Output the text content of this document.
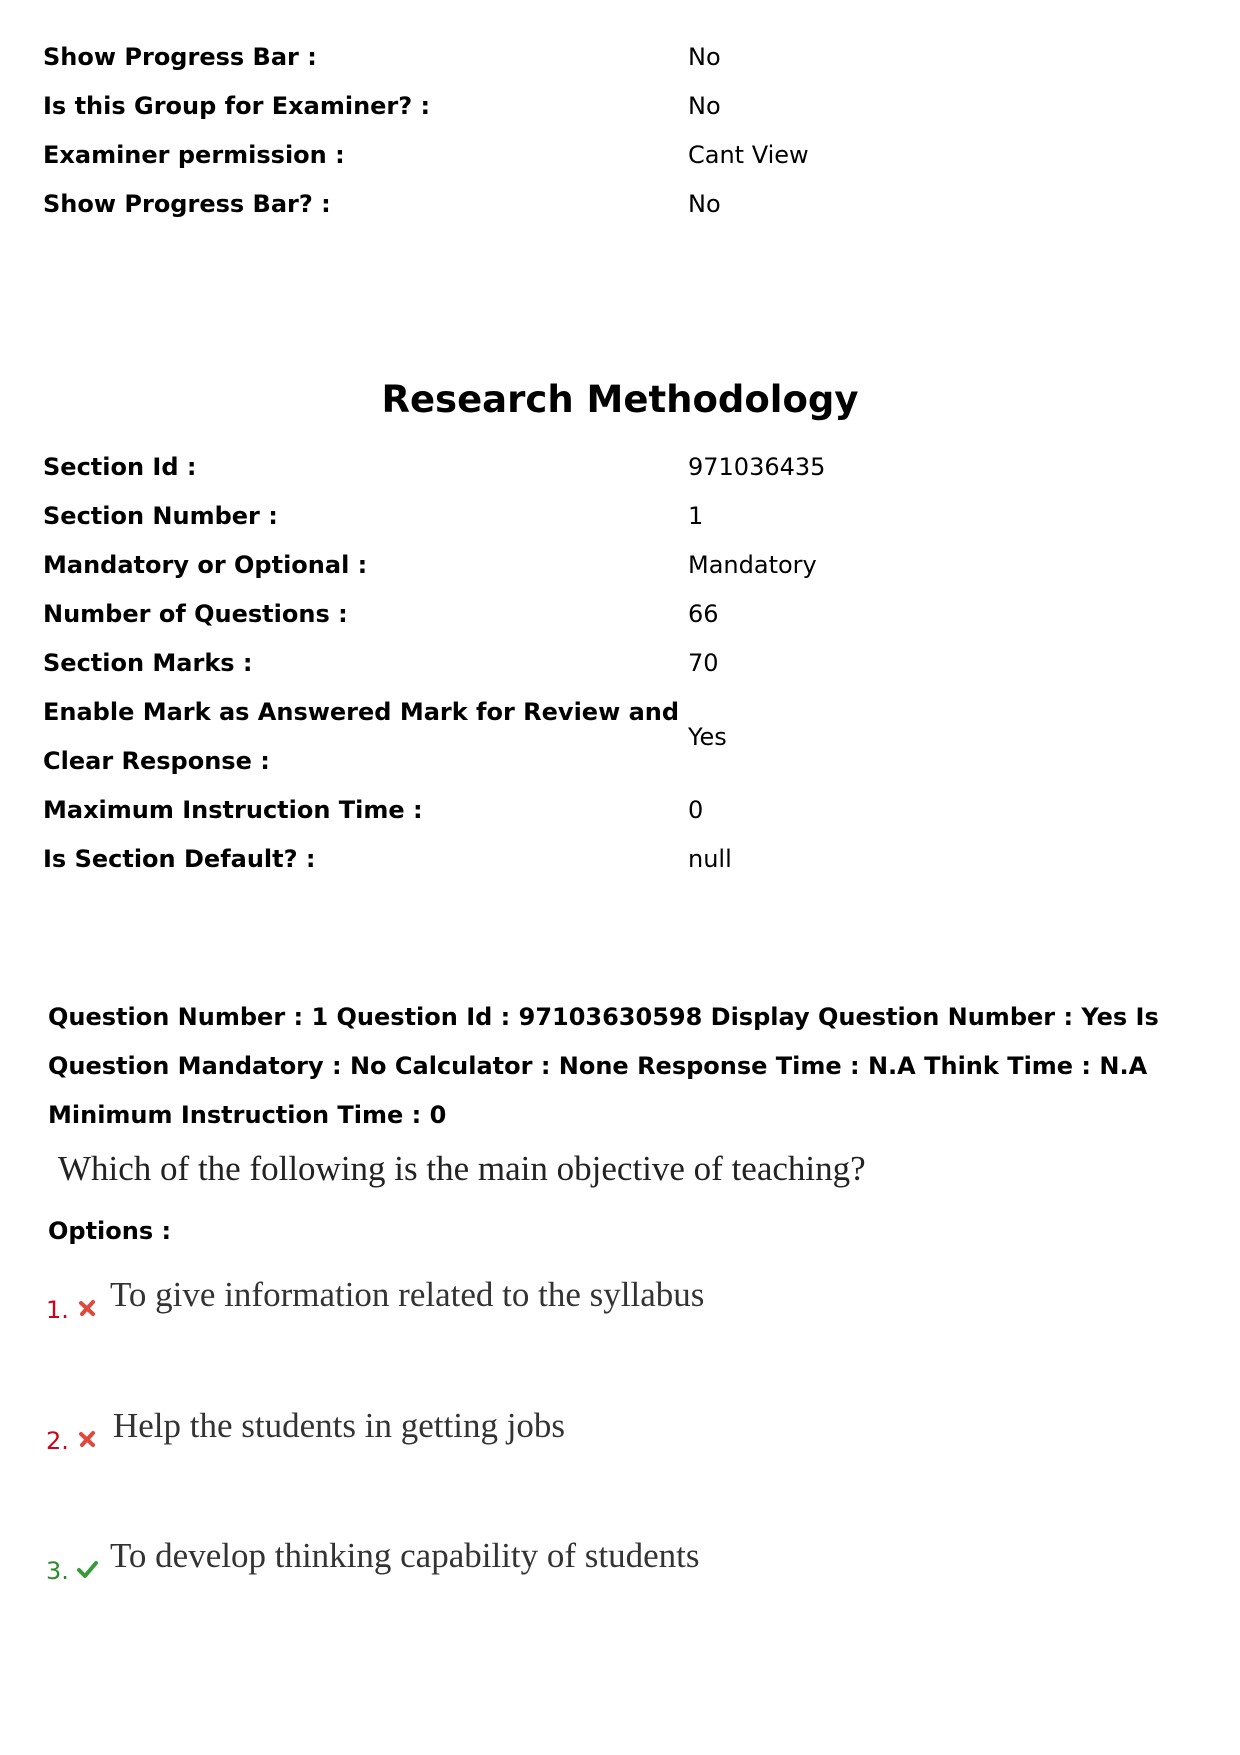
Show Progress Bar :	No
Is this Group for Examiner? :	No
Examiner permission :	Cant View
Show Progress Bar? :	No
Research Methodology
Section Id :	971036435
Section Number :	1
Mandatory or Optional :	Mandatory
Number of Questions :	66
Section Marks :	70
Enable Mark as Answered Mark for Review and
Clear Response :	Yes
Maximum Instruction Time :	0
Is Section Default? :	null

Question Number : 1 Question Id : 97103630598 Display Question Number : Yes Is Question Mandatory : No Calculator : None Response Time : N.A Think Time : N.A Minimum Instruction Time : 0

Which of the following is the main objective of teaching?

Options :

1. To give information related to the syllabus
2. Help the students in getting jobs
3. To develop thinking capability of students
